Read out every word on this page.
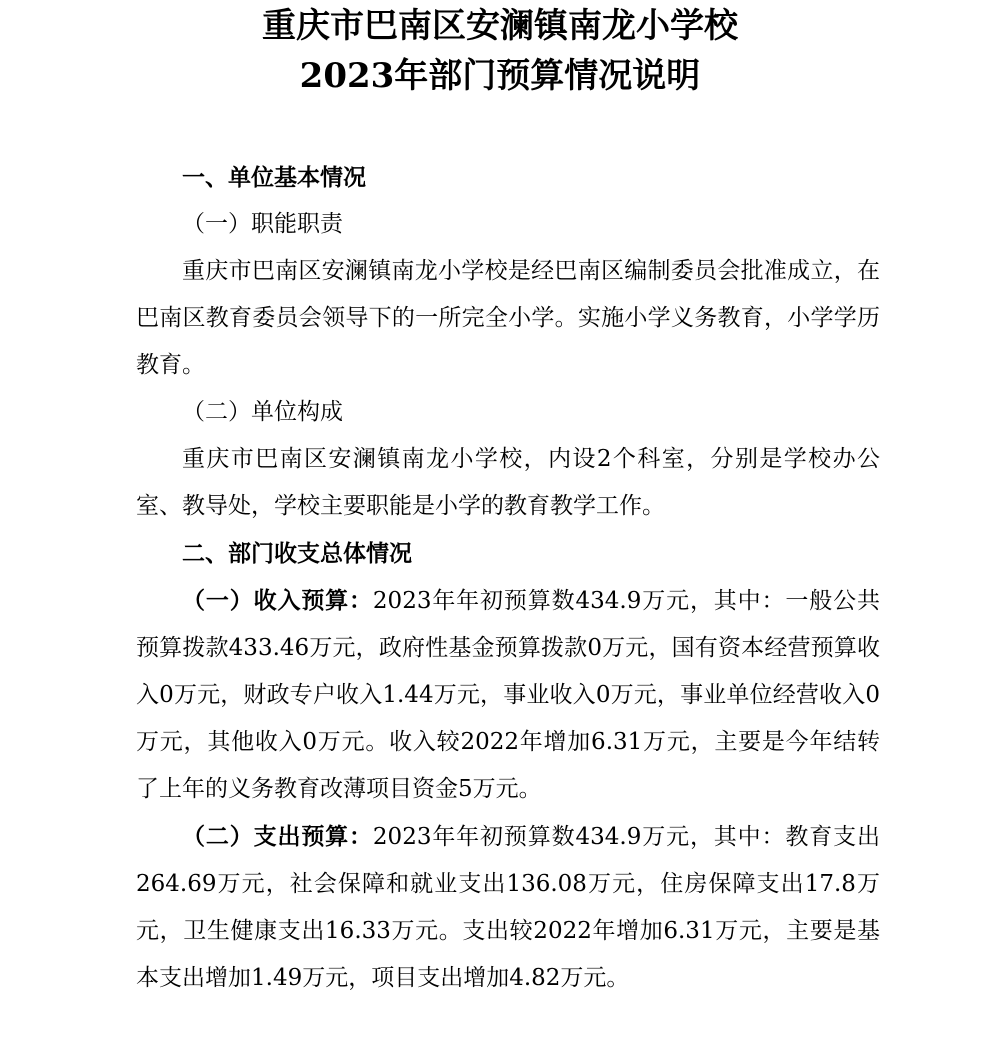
重庆市巴南区安澜镇南龙小学校
2023年部门预算情况说明

一、单位基本情况

（一）职能职责

重庆市巴南区安澜镇南龙小学校是经巴南区编制委员会批准成立，在巴南区教育委员会领导下的一所完全小学。实施小学义务教育，小学学历教育。

（二）单位构成

重庆市巴南区安澜镇南龙小学校，内设2个科室，分别是学校办公室、教导处，学校主要职能是小学的教育教学工作。

二、部门收支总体情况

（一）收入预算：2023年年初预算数434.9万元，其中：一般公共预算拨款433.46万元，政府性基金预算拨款0万元，国有资本经营预算收入0万元，财政专户收入1.44万元，事业收入0万元，事业单位经营收入0万元，其他收入0万元。收入较2022年增加6.31万元，主要是今年结转了上年的义务教育改薄项目资金5万元。

（二）支出预算：2023年年初预算数434.9万元，其中：教育支出264.69万元，社会保障和就业支出136.08万元，住房保障支出17.8万元，卫生健康支出16.33万元。支出较2022年增加6.31万元，主要是基本支出增加1.49万元，项目支出增加4.82万元。
